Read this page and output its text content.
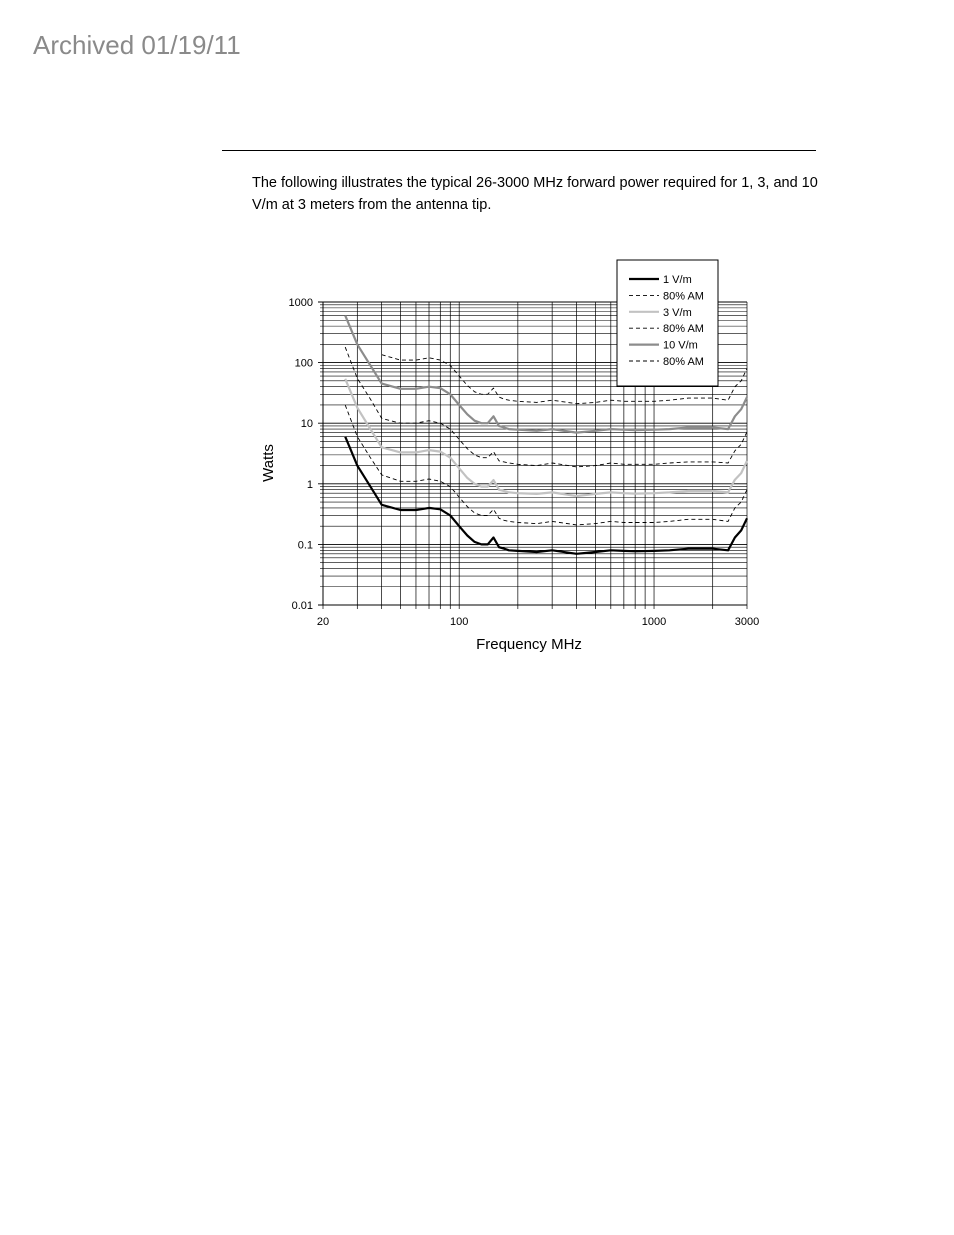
Archived 01/19/11
The following illustrates the typical 26-3000 MHz forward power required for 1, 3, and 10 V/m at 3 meters from the antenna tip.
1000
100
10
1
0.1
0.01
20	100	1000	3000
1 V/m
80% AM
3 V/m
80% AM
10 V/m
80% AM
Frequency MHz
Watts
